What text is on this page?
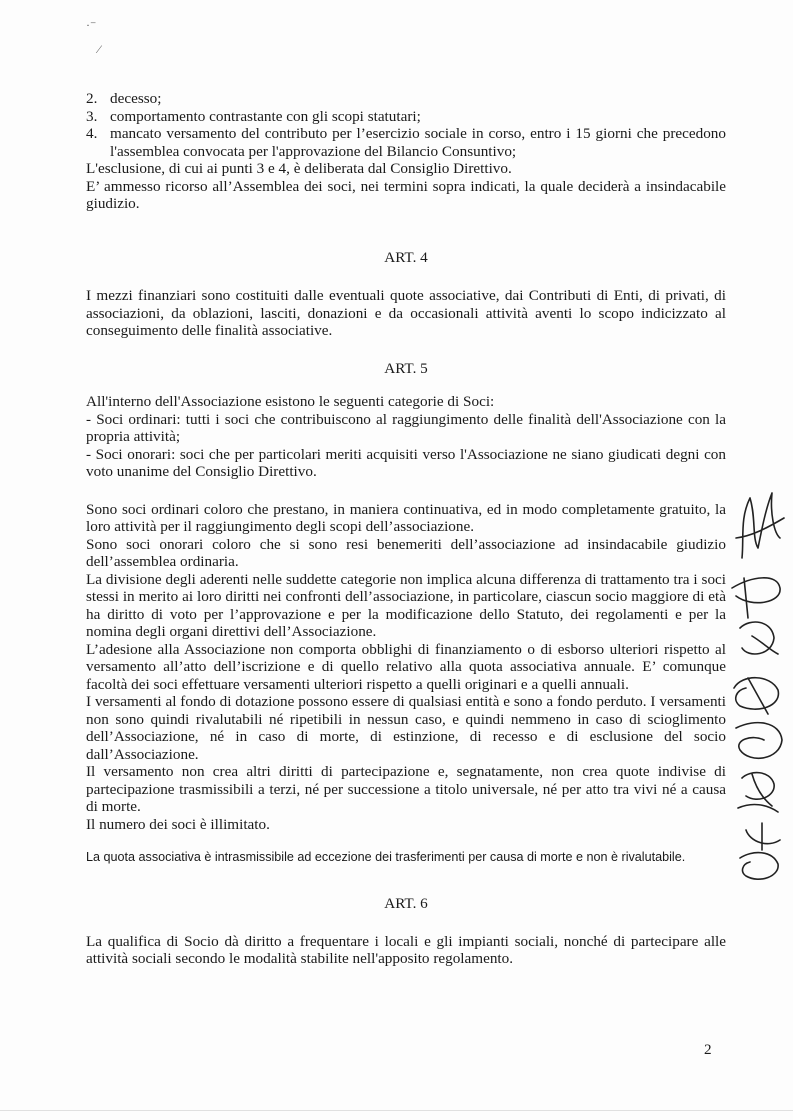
·⁻
⁄
2. decesso;
3. comportamento contrastante con gli scopi statutari;
4. mancato versamento del contributo per l’esercizio sociale in corso, entro i 15 giorni che precedono l'assemblea convocata per l'approvazione del Bilancio Consuntivo;

L'esclusione, di cui ai punti 3 e 4, è deliberata dal Consiglio Direttivo.

E’ ammesso ricorso all’Assemblea dei soci, nei termini sopra indicati, la quale deciderà a insindacabile giudizio.

ART. 4

I mezzi finanziari sono costituiti dalle eventuali quote associative, dai Contributi di Enti, di privati, di associazioni, da oblazioni, lasciti, donazioni e da occasionali attività aventi lo scopo indicizzato al conseguimento delle finalità associative.

ART. 5

All'interno dell'Associazione esistono le seguenti categorie di Soci:

- Soci ordinari: tutti i soci che contribuiscono al raggiungimento delle finalità dell'Associazione con la propria attività;

- Soci onorari: soci che per particolari meriti acquisiti verso l'Associazione ne siano giudicati degni con voto unanime del Consiglio Direttivo.

Sono soci ordinari coloro che prestano, in maniera continuativa, ed in modo completamente gratuito, la loro attività per il raggiungimento degli scopi dell’associazione.

Sono soci onorari coloro che si sono resi benemeriti dell’associazione ad insindacabile giudizio dell’assemblea ordinaria.

La divisione degli aderenti nelle suddette categorie non implica alcuna differenza di trattamento tra i soci stessi in merito ai loro diritti nei confronti dell’associazione, in particolare, ciascun socio maggiore di età ha diritto di voto per l’approvazione e per la modificazione dello Statuto, dei regolamenti e per la nomina degli organi direttivi dell’Associazione.

L’adesione alla Associazione non comporta obblighi di finanziamento o di esborso ulteriori rispetto al versamento all’atto dell’iscrizione e di quello relativo alla quota associativa annuale. E’ comunque facoltà dei soci effettuare versamenti ulteriori rispetto a quelli originari e a quelli annuali.

I versamenti al fondo di dotazione possono essere di qualsiasi entità e sono a fondo perduto. I versamenti non sono quindi rivalutabili né ripetibili in nessun caso, e quindi nemmeno in caso di scioglimento dell’Associazione, né in caso di morte, di estinzione, di recesso e di esclusione del socio dall’Associazione.

Il versamento non crea altri diritti di partecipazione e, segnatamente, non crea quote indivise di partecipazione trasmissibili a terzi, né per successione a titolo universale, né per atto tra vivi né a causa di morte.

Il numero dei soci è illimitato.

La quota associativa è intrasmissibile ad eccezione dei trasferimenti per causa di morte e non è rivalutabile.

ART. 6

La qualifica di Socio dà diritto a frequentare i locali e gli impianti sociali, nonché di partecipare alle attività sociali secondo le modalità stabilite nell'apposito regolamento.

2
